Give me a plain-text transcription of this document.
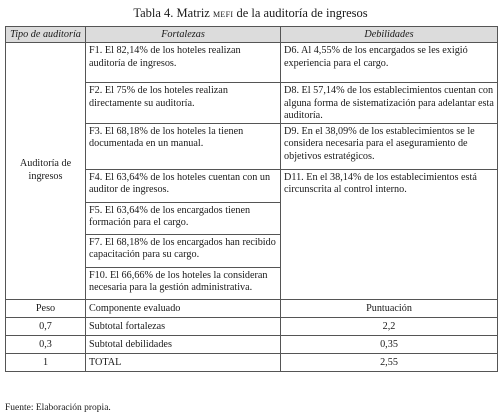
Tabla 4. Matriz mefi de la auditoría de ingresos
Tipo de auditoría	Fortalezas	Debilidades
Auditoría de ingresos	F1. El 82,14% de los hoteles realizan auditoría de ingresos.	D6. Al 4,55% de los encargados se les exigió experiencia para el cargo.
	F2. El 75% de los hoteles realizan directamente su auditoría.	D8. El 57,14% de los establecimientos cuentan con alguna forma de sistematización para adelantar esta auditoría.
	F3. El 68,18% de los hoteles la tienen documentada en un manual.	D9. En el 38,09% de los establecimientos se le considera necesaria para el aseguramiento de objetivos estratégicos.
	F4. El 63,64% de los hoteles cuentan con un auditor de ingresos.	D11. En el 38,14% de los establecimientos está circunscrita al control interno.
	F5. El 63,64% de los encargados tienen formación para el cargo.	
	F7. El 68,18% de los encargados han recibido capacitación para su cargo.	
	F10. El 66,66% de los hoteles la consideran necesaria para la gestión administrativa.	
Peso	Componente evaluado	Puntuación
0,7	Subtotal fortalezas	2,2
0,3	Subtotal debilidades	0,35
1	TOTAL	2,55
Fuente: Elaboración propia.
